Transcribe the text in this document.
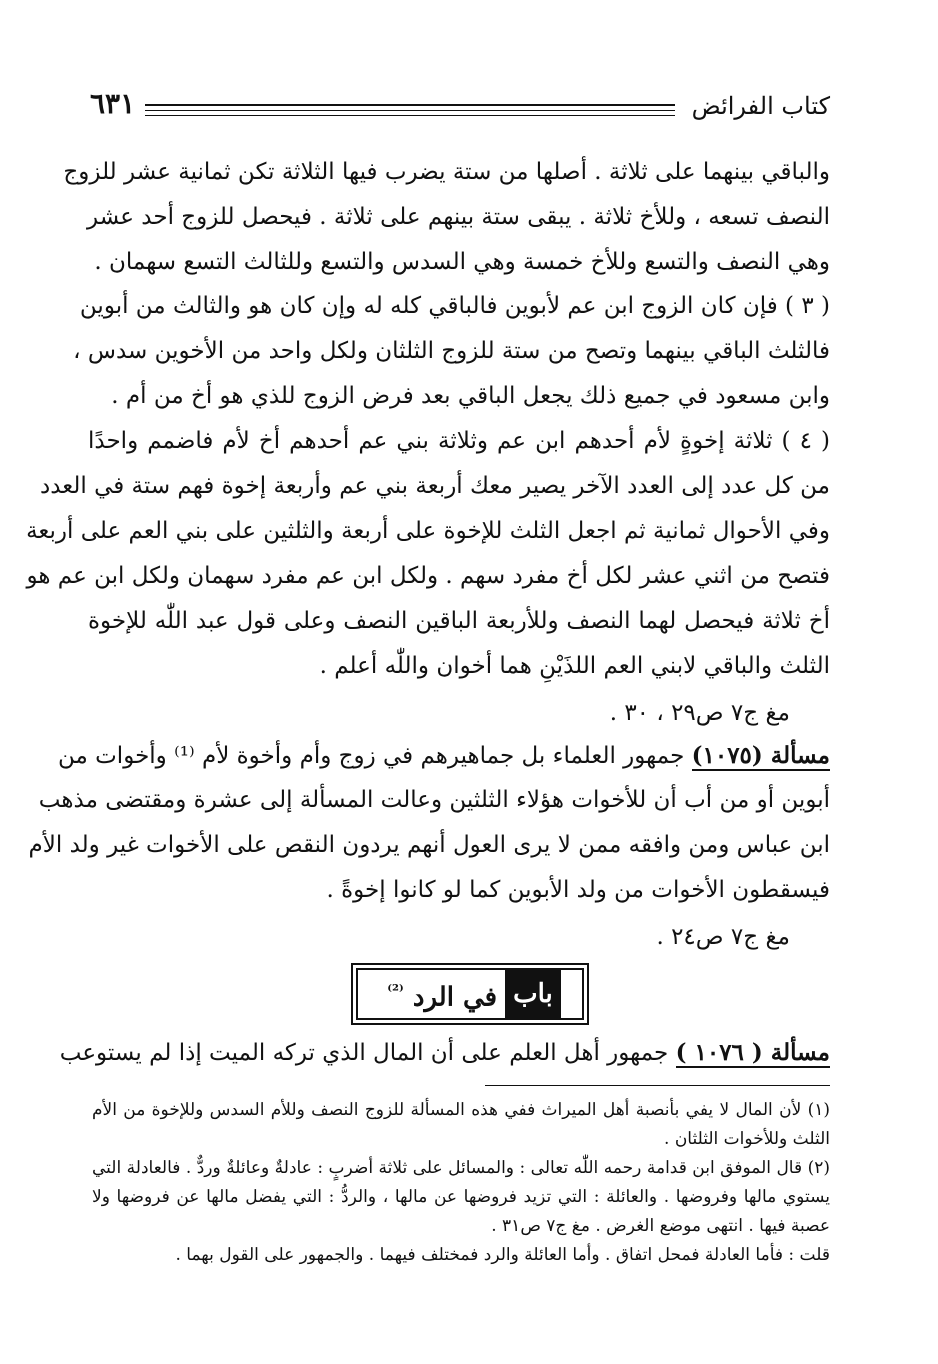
٦٣١	كتاب الفرائض
والباقي بينهما على ثلاثة . أصلها من ستة يضرب فيها الثلاثة تكن ثمانية عشر للزوج
النصف تسعه ، وللأخ ثلاثة . يبقى ستة بينهم على ثلاثة . فيحصل للزوج أحد عشر
وهي النصف والتسع وللأخ خمسة وهي السدس والتسع وللثالث التسع سهمان .
( ٣ ) فإن كان الزوج ابن عم لأبوين فالباقي كله له وإن كان هو والثالث من أبوين
فالثلث الباقي بينهما وتصح من ستة للزوج الثلثان ولكل واحد من الأخوين سدس ،
وابن مسعود في جميع ذلك يجعل الباقي بعد فرض الزوج للذي هو أخ من أم .
( ٤ ) ثلاثة إخوةٍ لأم أحدهم ابن عم وثلاثة بني عم أحدهم أخ لأم فاضمم واحدًا
من كل عدد إلى العدد الآخر يصير معك أربعة بني عم وأربعة إخوة فهم ستة في العدد
وفي الأحوال ثمانية ثم اجعل الثلث للإخوة على أربعة والثلثين على بني العم على أربعة
فتصح من اثني عشر لكل أخ مفرد سهم . ولكل ابن عم مفرد سهمان ولكل ابن عم هو
أخ ثلاثة فيحصل لهما النصف وللأربعة الباقين النصف وعلى قول عبد اللّٰه للإخوة
الثلث والباقي لابني العم اللذَيْنِ هما أخوان واللّٰه أعلم .
مغ ج٧ ص٢٩ ، ٣٠ .
مسألة (١٠٧٥) جمهور العلماء بل جماهيرهم في زوج وأم وأخوة لأم ⁽¹⁾ وأخوات من
أبوين أو من أب أن للأخوات هؤلاء الثلثين وعالت المسألة إلى عشرة ومقتضى مذهب
ابن عباس ومن وافقه ممن لا يرى العول أنهم يردون النقص على الأخوات غير ولد الأم
فيسقطون الأخوات من ولد الأبوين كما لو كانوا إخوةً .
مغ ج٧ ص٢٤ .
باب
في الرد $^{^{(2)}}$
مسألة ( ١٠٧٦ ) جمهور أهل العلم على أن المال الذي تركه الميت إذا لم يستوعب
(١) لأن المال لا يفي بأنصبة أهل الميراث ففي هذه المسألة للزوج النصف وللأم السدس وللإخوة من الأم
الثلث وللأخوات الثلثان .
(٢) قال الموفق ابن قدامة رحمه اللّٰه تعالى : والمسائل على ثلاثة أضربٍ : عادلةٌ وعائلةٌ وردٌّ . فالعادلة التي
يستوي مالها وفروضها . والعائلة : التي تزيد فروضها عن مالها ، والردُّ : التي يفضل مالها عن فروضها ولا
عصبة فيها . انتهى موضع الغرض . مغ ج٧ ص٣١ .
قلت : فأما العادلة فمحل اتفاق . وأما العائلة والرد فمختلف فيهما . والجمهور على القول بهما .
